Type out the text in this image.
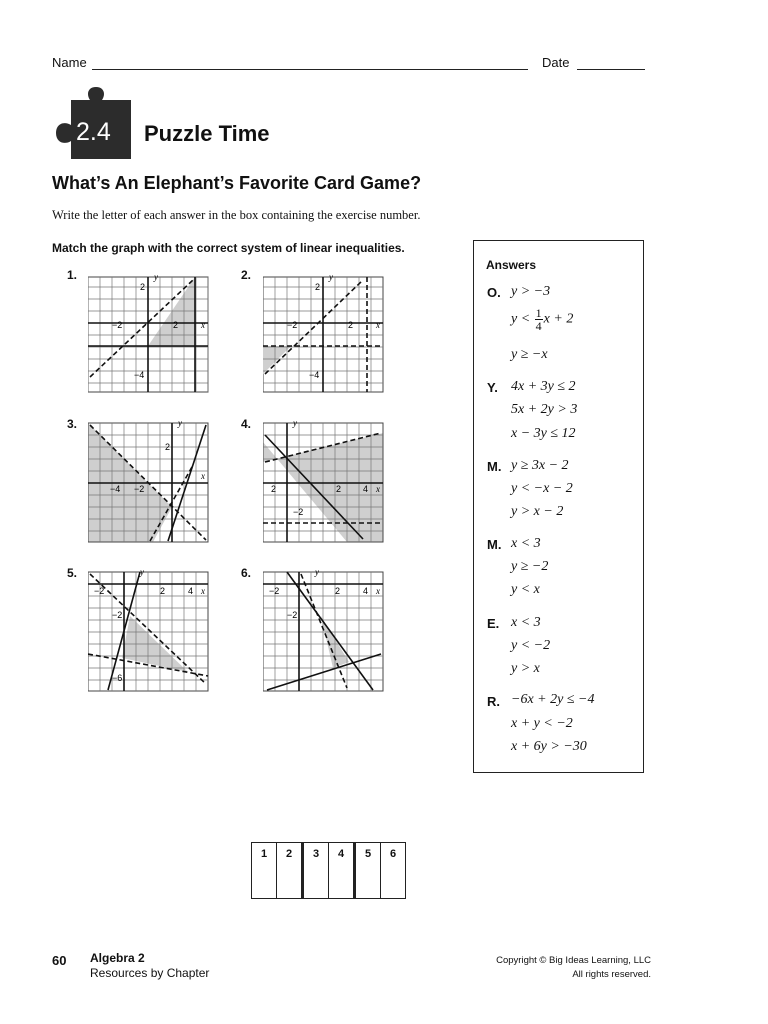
Name	Date
2.4 Puzzle Time
What’s An Elephant’s Favorite Card Game?
Write the letter of each answer in the box containing the exercise number.
Match the graph with the correct system of linear inequalities.
1.	y
x
−2	2
2
−4
2.	y
x
−2	2
2
−4
3.	y
x
−4 −2
2
4.	y
x
2	2 4
−2
5.	y
x
−2	2	4
−2
−6
6.	y
x
−2	2	4
−2
Answers
O. y > −3
$y < \frac{1}{4}$ x + 2
y ≥ −x
Y. 4x + 3y ≤ 2
5x + 2y > 3
x − 3y ≤ 12
M. y ≥ 3x − 2
y < −x − 2
y > x − 2
M. x < 3
y ≥ −2
y < x
E. x < 3
y < −2
y > x
R. −6x + 2y ≤ −4
x + y < −2
x + 6y > −30
1	2	3	4	5	6
60 Algebra 2
Resources by Chapter
Copyright © Big Ideas Learning, LLC
All rights reserved.
